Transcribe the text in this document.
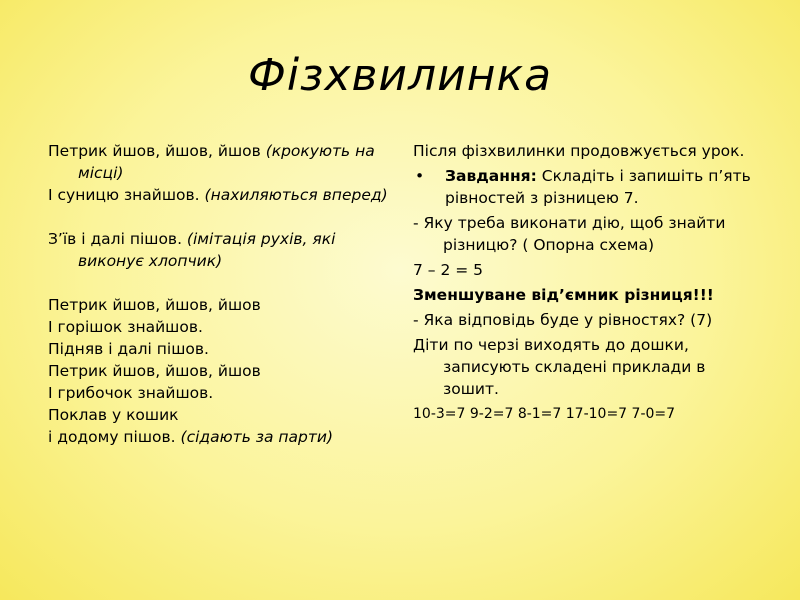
Фізхвилинка
Петрик йшов, йшов, йшов (крокують на місці)
І суницю знайшов. (нахиляються вперед)
З’їв і далі пішов. (імітація рухів, які виконує хлопчик)
Петрик йшов, йшов, йшов
І горішок знайшов.
Підняв і далі пішов.
Петрик йшов, йшов, йшов
І грибочок знайшов.
Поклав у кошик
і додому пішов. (сідають за парти)
Після фізхвилинки продовжується урок.
• Завдання: Складіть і запишіть п’ять рівностей з різницею 7.
- Яку треба виконати дію, щоб знайти різницю? ( Опорна схема)
7 – 2 = 5
Зменшуване від’ємник різниця!!!
- Яка відповідь буде у рівностях? (7)
Діти по черзі виходять до дошки, записують складені приклади в зошит.
10-3=7 9-2=7 8-1=7 17-10=7 7-0=7
